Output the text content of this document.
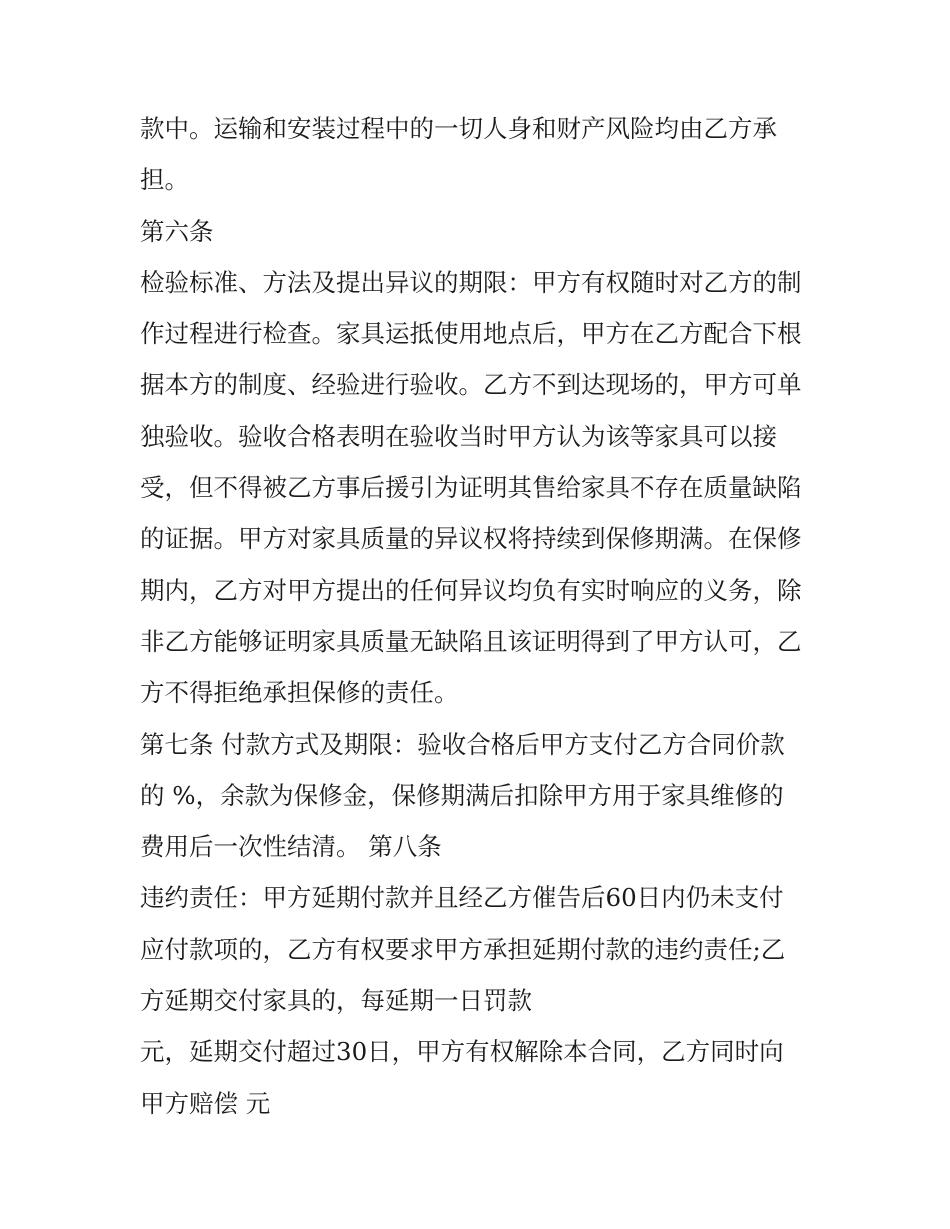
款中。运输和安装过程中的一切人身和财产风险均由乙方承
担。
第六条
检验标准、方法及提出异议的期限：甲方有权随时对乙方的制
作过程进行检查。家具运抵使用地点后，甲方在乙方配合下根
据本方的制度、经验进行验收。乙方不到达现场的，甲方可单
独验收。验收合格表明在验收当时甲方认为该等家具可以接
受，但不得被乙方事后援引为证明其售给家具不存在质量缺陷
的证据。甲方对家具质量的异议权将持续到保修期满。在保修
期内，乙方对甲方提出的任何异议均负有实时响应的义务，除
非乙方能够证明家具质量无缺陷且该证明得到了甲方认可，乙
方不得拒绝承担保修的责任。
第七条 付款方式及期限：验收合格后甲方支付乙方合同价款
的 %，余款为保修金，保修期满后扣除甲方用于家具维修的
费用后一次性结清。 第八条
违约责任：甲方延期付款并且经乙方催告后60日内仍未支付
应付款项的，乙方有权要求甲方承担延期付款的违约责任;乙
方延期交付家具的，每延期一日罚款
元，延期交付超过30日，甲方有权解除本合同，乙方同时向
甲方赔偿 元
